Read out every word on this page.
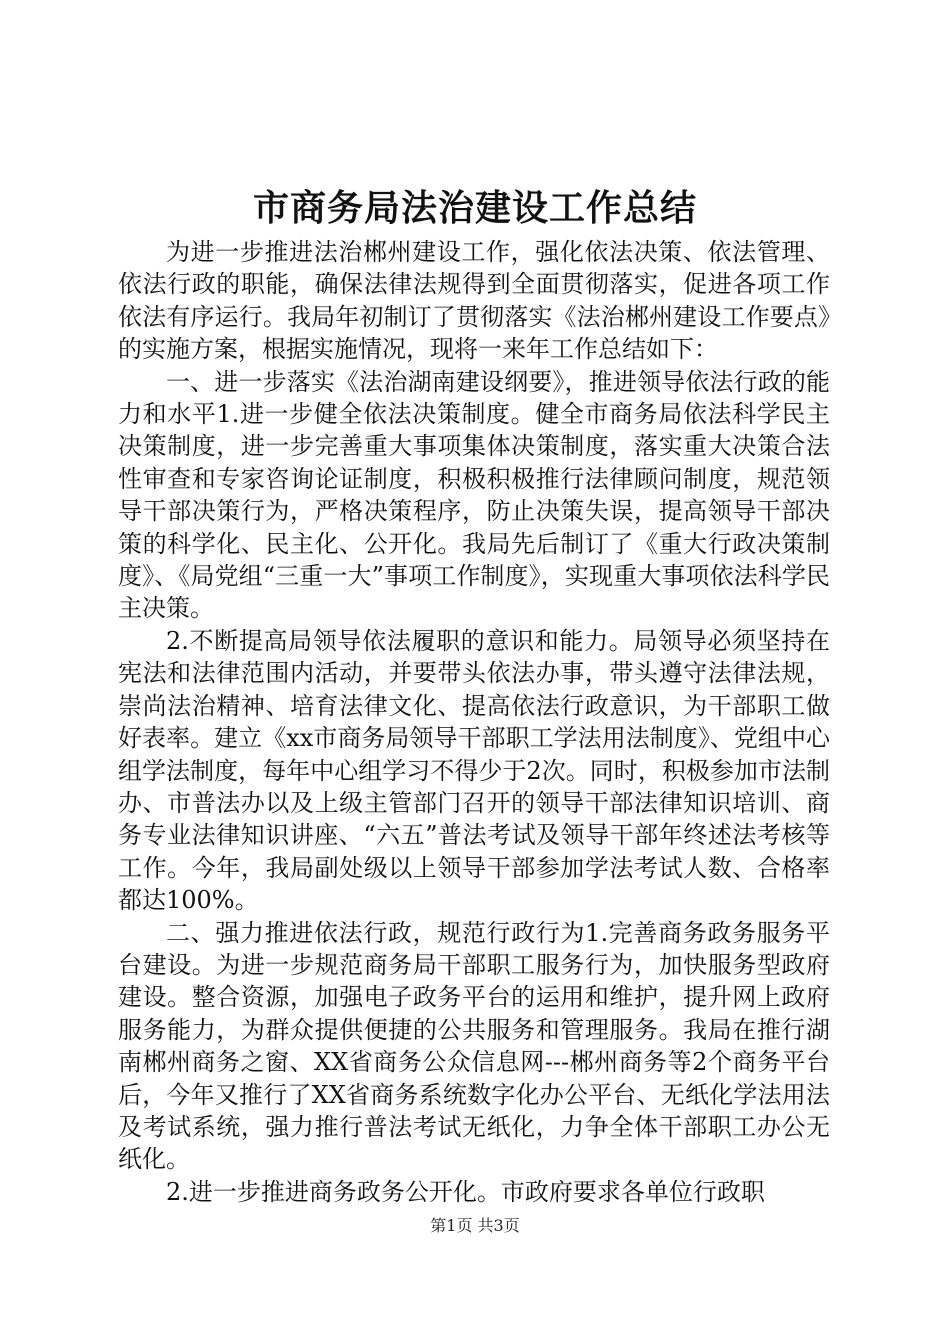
市商务局法治建设工作总结

为进一步推进法治郴州建设工作，强化依法决策、依法管理、依法行政的职能，确保法律法规得到全面贯彻落实，促进各项工作依法有序运行。我局年初制订了贯彻落实《法治郴州建设工作要点》的实施方案，根据实施情况，现将一来年工作总结如下：

一、进一步落实《法治湖南建设纲要》，推进领导依法行政的能力和水平1.进一步健全依法决策制度。健全市商务局依法科学民主决策制度，进一步完善重大事项集体决策制度，落实重大决策合法性审查和专家咨询论证制度，积极积极推行法律顾问制度，规范领导干部决策行为，严格决策程序，防止决策失误，提高领导干部决策的科学化、民主化、公开化。我局先后制订了《重大行政决策制度》、《局党组“三重一大”事项工作制度》，实现重大事项依法科学民主决策。

2.不断提高局领导依法履职的意识和能力。局领导必须坚持在宪法和法律范围内活动，并要带头依法办事，带头遵守法律法规，崇尚法治精神、培育法律文化、提高依法行政意识，为干部职工做好表率。建立《xx市商务局领导干部职工学法用法制度》、党组中心组学法制度，每年中心组学习不得少于2次。同时，积极参加市法制办、市普法办以及上级主管部门召开的领导干部法律知识培训、商务专业法律知识讲座、“六五”普法考试及领导干部年终述法考核等工作。今年，我局副处级以上领导干部参加学法考试人数、合格率都达100%。

二、强力推进依法行政，规范行政行为1.完善商务政务服务平台建设。为进一步规范商务局干部职工服务行为，加快服务型政府建设。整合资源，加强电子政务平台的运用和维护，提升网上政府服务能力，为群众提供便捷的公共服务和管理服务。我局在推行湖南郴州商务之窗、XX省商务公众信息网---郴州商务等2个商务平台后，今年又推行了XX省商务系统数字化办公平台、无纸化学法用法及考试系统，强力推行普法考试无纸化，力争全体干部职工办公无纸化。

2.进一步推进商务政务公开化。市政府要求各单位行政职

第1页 共3页
